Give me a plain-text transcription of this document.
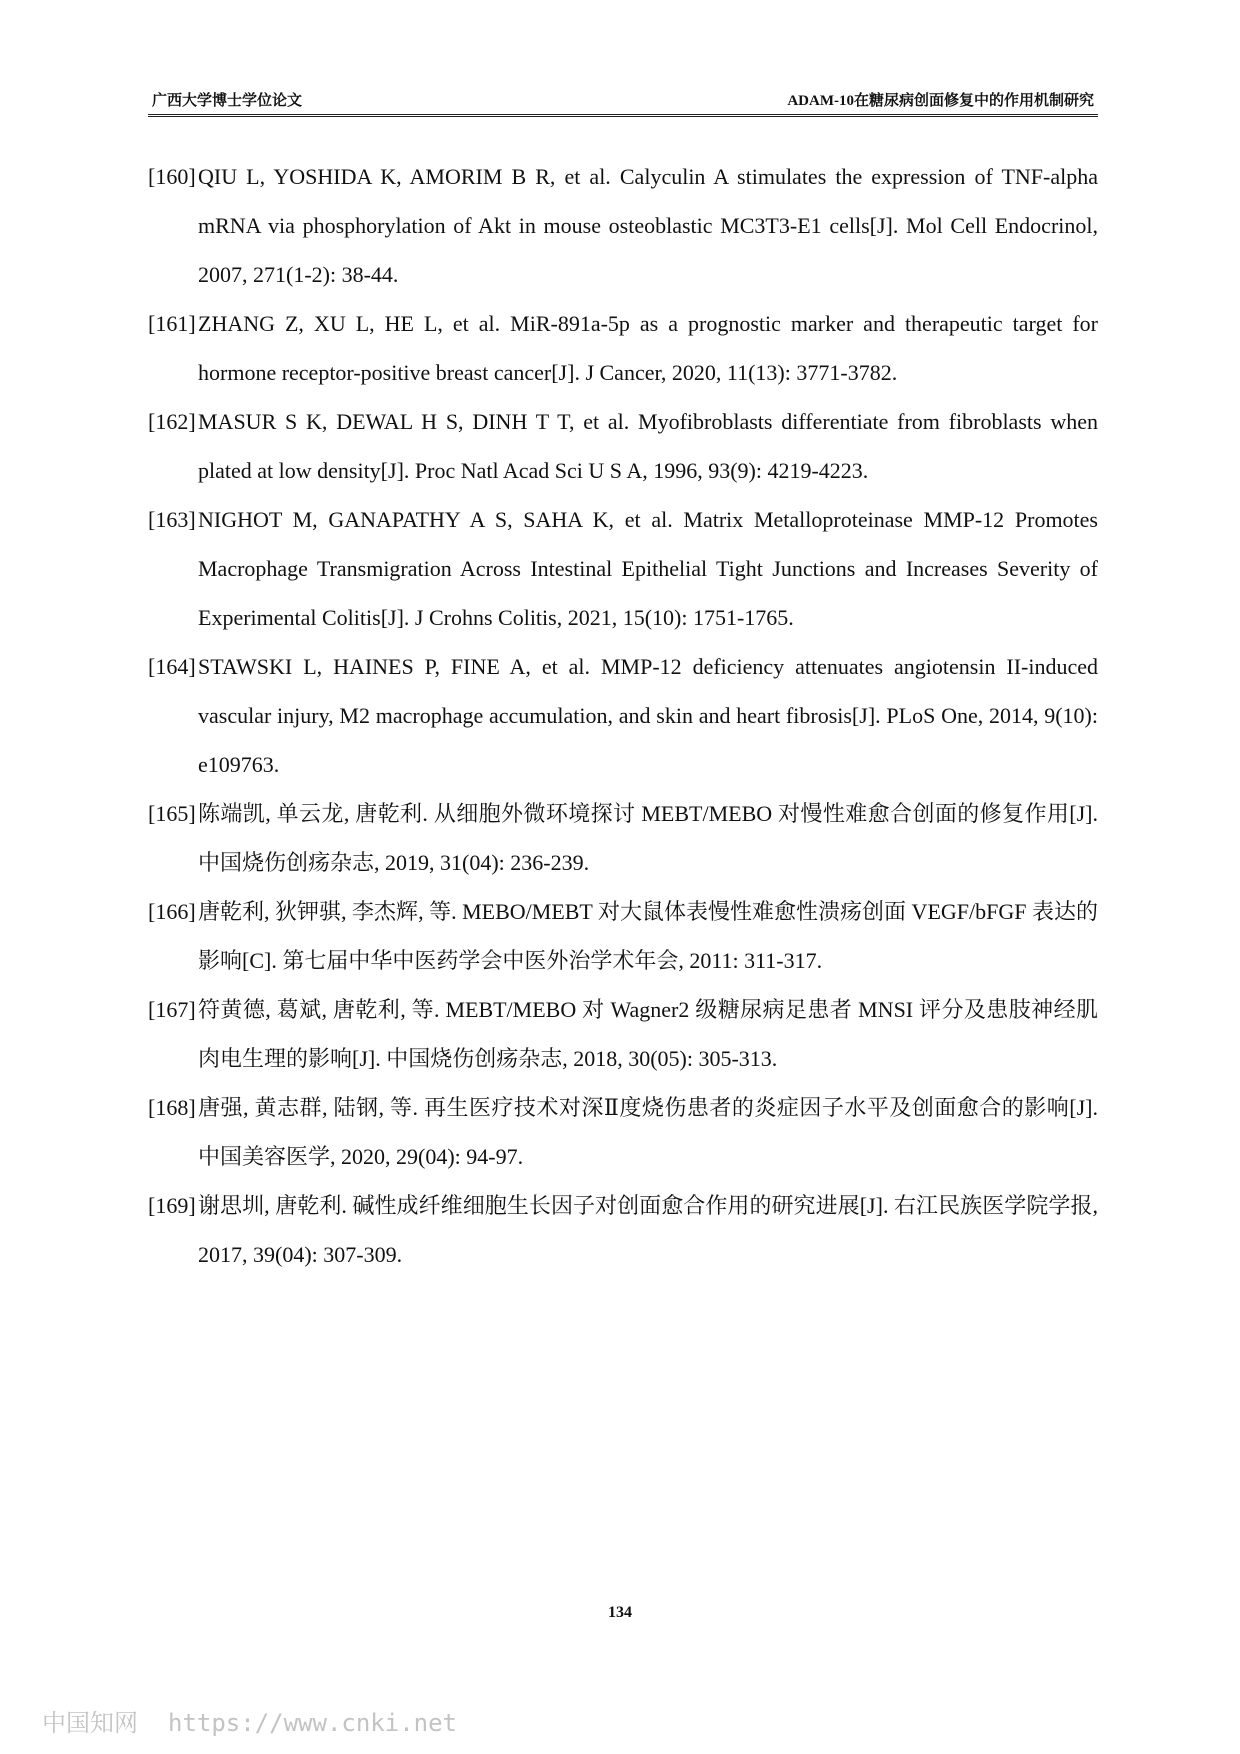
广西大学博士学位论文	ADAM-10在糖尿病创面修复中的作用机制研究
[160] QIU L, YOSHIDA K, AMORIM B R, et al. Calyculin A stimulates the expression of TNF-alpha mRNA via phosphorylation of Akt in mouse osteoblastic MC3T3-E1 cells[J]. Mol Cell Endocrinol, 2007, 271(1-2): 38-44.
[161] ZHANG Z, XU L, HE L, et al. MiR-891a-5p as a prognostic marker and therapeutic target for hormone receptor-positive breast cancer[J]. J Cancer, 2020, 11(13): 3771-3782.
[162] MASUR S K, DEWAL H S, DINH T T, et al. Myofibroblasts differentiate from fibroblasts when plated at low density[J]. Proc Natl Acad Sci U S A, 1996, 93(9): 4219-4223.
[163] NIGHOT M, GANAPATHY A S, SAHA K, et al. Matrix Metalloproteinase MMP-12 Promotes Macrophage Transmigration Across Intestinal Epithelial Tight Junctions and Increases Severity of Experimental Colitis[J]. J Crohns Colitis, 2021, 15(10): 1751-1765.
[164] STAWSKI L, HAINES P, FINE A, et al. MMP-12 deficiency attenuates angiotensin II-induced vascular injury, M2 macrophage accumulation, and skin and heart fibrosis[J]. PLoS One, 2014, 9(10): e109763.
[165] 陈端凯, 单云龙, 唐乾利. 从细胞外微环境探讨 MEBT/MEBO 对慢性难愈合创面的修复作用[J]. 中国烧伤创疡杂志, 2019, 31(04): 236-239.
[166] 唐乾利, 狄钾骐, 李杰辉, 等. MEBO/MEBT 对大鼠体表慢性难愈性溃疡创面 VEGF/bFGF 表达的影响[C]. 第七届中华中医药学会中医外治学术年会, 2011: 311-317.
[167] 符黄德, 葛斌, 唐乾利, 等. MEBT/MEBO 对 Wagner2 级糖尿病足患者 MNSI 评分及患肢神经肌肉电生理的影响[J]. 中国烧伤创疡杂志, 2018, 30(05): 305-313.
[168] 唐强, 黄志群, 陆钢, 等. 再生医疗技术对深Ⅱ度烧伤患者的炎症因子水平及创面愈合的影响[J]. 中国美容医学, 2020, 29(04): 94-97.
[169] 谢思圳, 唐乾利. 碱性成纤维细胞生长因子对创面愈合作用的研究进展[J]. 右江民族医学院学报, 2017, 39(04): 307-309.
134
中国知网 https://www.cnki.net
